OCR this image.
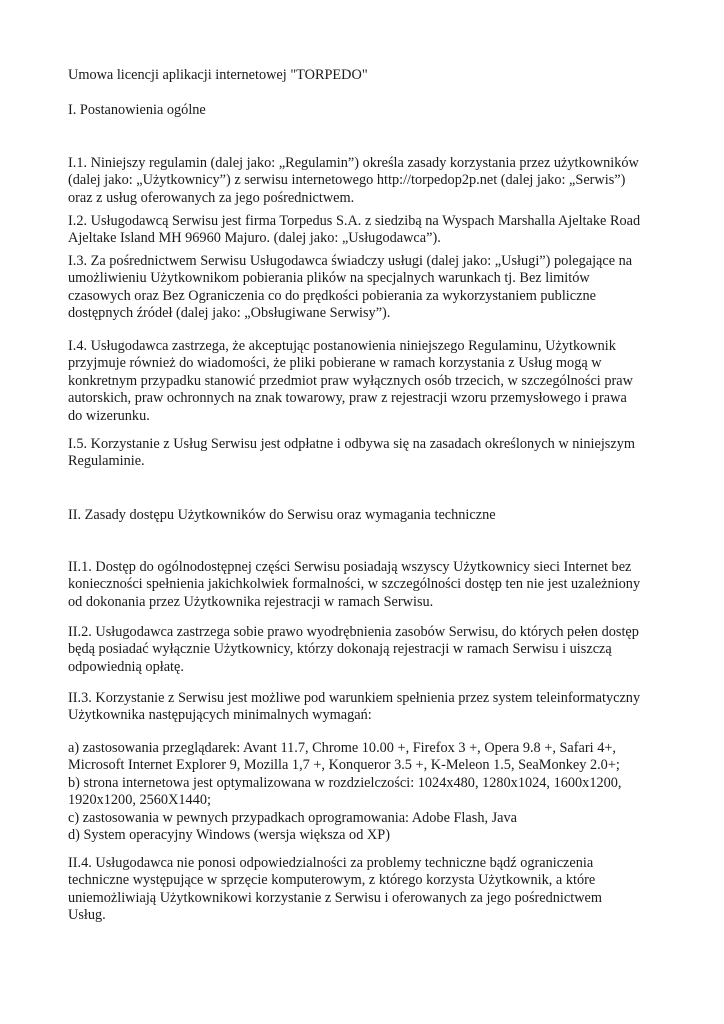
Umowa licencji aplikacji internetowej "TORPEDO"

I. Postanowienia ogólne

I.1. Niniejszy regulamin (dalej jako: „Regulamin”) określa zasady korzystania przez użytkowników
(dalej jako: „Użytkownicy”) z serwisu internetowego http://torpedop2p.net (dalej jako: „Serwis”)
oraz z usług oferowanych za jego pośrednictwem.

I.2. Usługodawcą Serwisu jest firma Torpedus S.A. z siedzibą na Wyspach Marshalla Ajeltake Road
Ajeltake Island MH 96960 Majuro. (dalej jako: „Usługodawca”).

I.3. Za pośrednictwem Serwisu Usługodawca świadczy usługi (dalej jako: „Usługi”) polegające na
umożliwieniu Użytkownikom pobierania plików na specjalnych warunkach tj. Bez limitów
czasowych oraz Bez Ograniczenia co do prędkości pobierania za wykorzystaniem publiczne
dostępnych źródeł (dalej jako: „Obsługiwane Serwisy”).

I.4. Usługodawca zastrzega, że akceptując postanowienia niniejszego Regulaminu, Użytkownik
przyjmuje również do wiadomości, że pliki pobierane w ramach korzystania z Usług mogą w
konkretnym przypadku stanowić przedmiot praw wyłącznych osób trzecich, w szczególności praw
autorskich, praw ochronnych na znak towarowy, praw z rejestracji wzoru przemysłowego i prawa
do wizerunku.

I.5. Korzystanie z Usług Serwisu jest odpłatne i odbywa się na zasadach określonych w niniejszym
Regulaminie.

II. Zasady dostępu Użytkowników do Serwisu oraz wymagania techniczne

II.1. Dostęp do ogólnodostępnej części Serwisu posiadają wszyscy Użytkownicy sieci Internet bez
konieczności spełnienia jakichkolwiek formalności, w szczególności dostęp ten nie jest uzależniony
od dokonania przez Użytkownika rejestracji w ramach Serwisu.

II.2. Usługodawca zastrzega sobie prawo wyodrębnienia zasobów Serwisu, do których pełen dostęp
będą posiadać wyłącznie Użytkownicy, którzy dokonają rejestracji w ramach Serwisu i uiszczą
odpowiednią opłatę.

II.3. Korzystanie z Serwisu jest możliwe pod warunkiem spełnienia przez system teleinformatyczny
Użytkownika następujących minimalnych wymagań:

a) zastosowania przeglądarek: Avant 11.7, Chrome 10.00 +, Firefox 3 +, Opera 9.8 +, Safari 4+,
Microsoft Internet Explorer 9, Mozilla 1,7 +, Konqueror 3.5 +, K-Meleon 1.5, SeaMonkey 2.0+;
b) strona internetowa jest optymalizowana w rozdzielczości: 1024x480, 1280x1024, 1600x1200,
1920x1200, 2560X1440;
c) zastosowania w pewnych przypadkach oprogramowania: Adobe Flash, Java
d) System operacyjny Windows (wersja większa od XP)

II.4. Usługodawca nie ponosi odpowiedzialności za problemy techniczne bądź ograniczenia
techniczne występujące w sprzęcie komputerowym, z którego korzysta Użytkownik, a które
uniemożliwiają Użytkownikowi korzystanie z Serwisu i oferowanych za jego pośrednictwem
Usług.
